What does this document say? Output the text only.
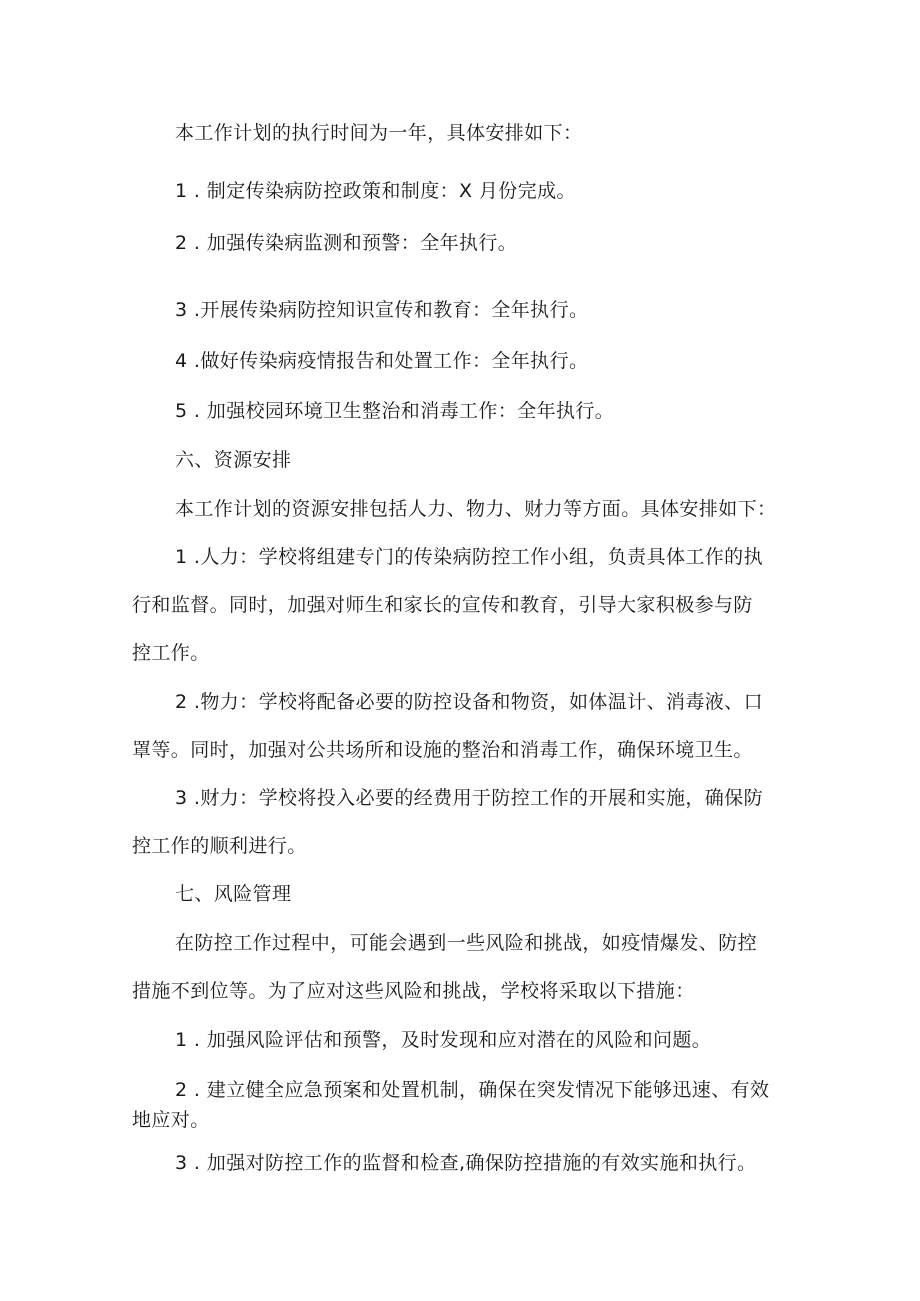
本工作计划的执行时间为一年，具体安排如下：

1 . 制定传染病防控政策和制度：X 月份完成。

2 . 加强传染病监测和预警：全年执行。

3 .开展传染病防控知识宣传和教育：全年执行。

4 .做好传染病疫情报告和处置工作：全年执行。

5 . 加强校园环境卫生整治和消毒工作：全年执行。

六、资源安排

本工作计划的资源安排包括人力、物力、财力等方面。具体安排如下：

1 .人力：学校将组建专门的传染病防控工作小组，负责具体工作的执

行和监督。同时，加强对师生和家长的宣传和教育，引导大家积极参与防

控工作。

2 .物力：学校将配备必要的防控设备和物资，如体温计、消毒液、口

罩等。同时，加强对公共场所和设施的整治和消毒工作，确保环境卫生。

3 .财力：学校将投入必要的经费用于防控工作的开展和实施，确保防

控工作的顺利进行。

七、风险管理

在防控工作过程中，可能会遇到一些风险和挑战，如疫情爆发、防控

措施不到位等。为了应对这些风险和挑战，学校将采取以下措施：

1 . 加强风险评估和预警，及时发现和应对潜在的风险和问题。

2 . 建立健全应急预案和处置机制，确保在突发情况下能够迅速、有效

地应对。

3 . 加强对防控工作的监督和检查,确保防控措施的有效实施和执行。
